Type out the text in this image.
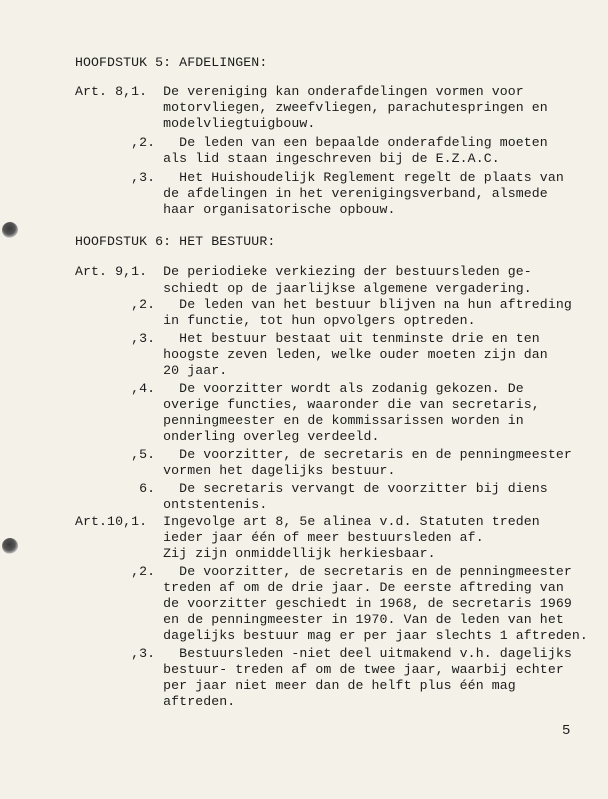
HOOFDSTUK 5: AFDELINGEN:
Art. 8,1.  De vereniging kan onderafdelingen vormen voor
motorvliegen, zweefvliegen, parachutespringen en
modelvliegtuigbouw.
,2.   De leden van een bepaalde onderafdeling moeten
als lid staan ingeschreven bij de E.Z.A.C.
,3.   Het Huishoudelijk Reglement regelt de plaats van
de afdelingen in het verenigingsverband, alsmede
haar organisatorische opbouw.
HOOFDSTUK 6: HET BESTUUR:
Art. 9,1.  De periodieke verkiezing der bestuursleden ge-
schiedt op de jaarlijkse algemene vergadering.
,2.   De leden van het bestuur blijven na hun aftreding
in functie, tot hun opvolgers optreden.
,3.   Het bestuur bestaat uit tenminste drie en ten
hoogste zeven leden, welke ouder moeten zijn dan
20 jaar.
,4.   De voorzitter wordt als zodanig gekozen. De
overige functies, waaronder die van secretaris,
penningmeester en de kommissarissen worden in
onderling overleg verdeeld.
,5.   De voorzitter, de secretaris en de penningmeester
vormen het dagelijks bestuur.
6.   De secretaris vervangt de voorzitter bij diens
ontstentenis.
Art.10,1.  Ingevolge art 8, 5e alinea v.d. Statuten treden
ieder jaar één of meer bestuursleden af.
Zij zijn onmiddellijk herkiesbaar.
,2.   De voorzitter, de secretaris en de penningmeester
treden af om de drie jaar. De eerste aftreding van
de voorzitter geschiedt in 1968, de secretaris 1969
en de penningmeester in 1970. Van de leden van het
dagelijks bestuur mag er per jaar slechts 1 aftreden.
,3.   Bestuursleden -niet deel uitmakend v.h. dagelijks
bestuur- treden af om de twee jaar, waarbij echter
per jaar niet meer dan de helft plus één mag
aftreden.
5
